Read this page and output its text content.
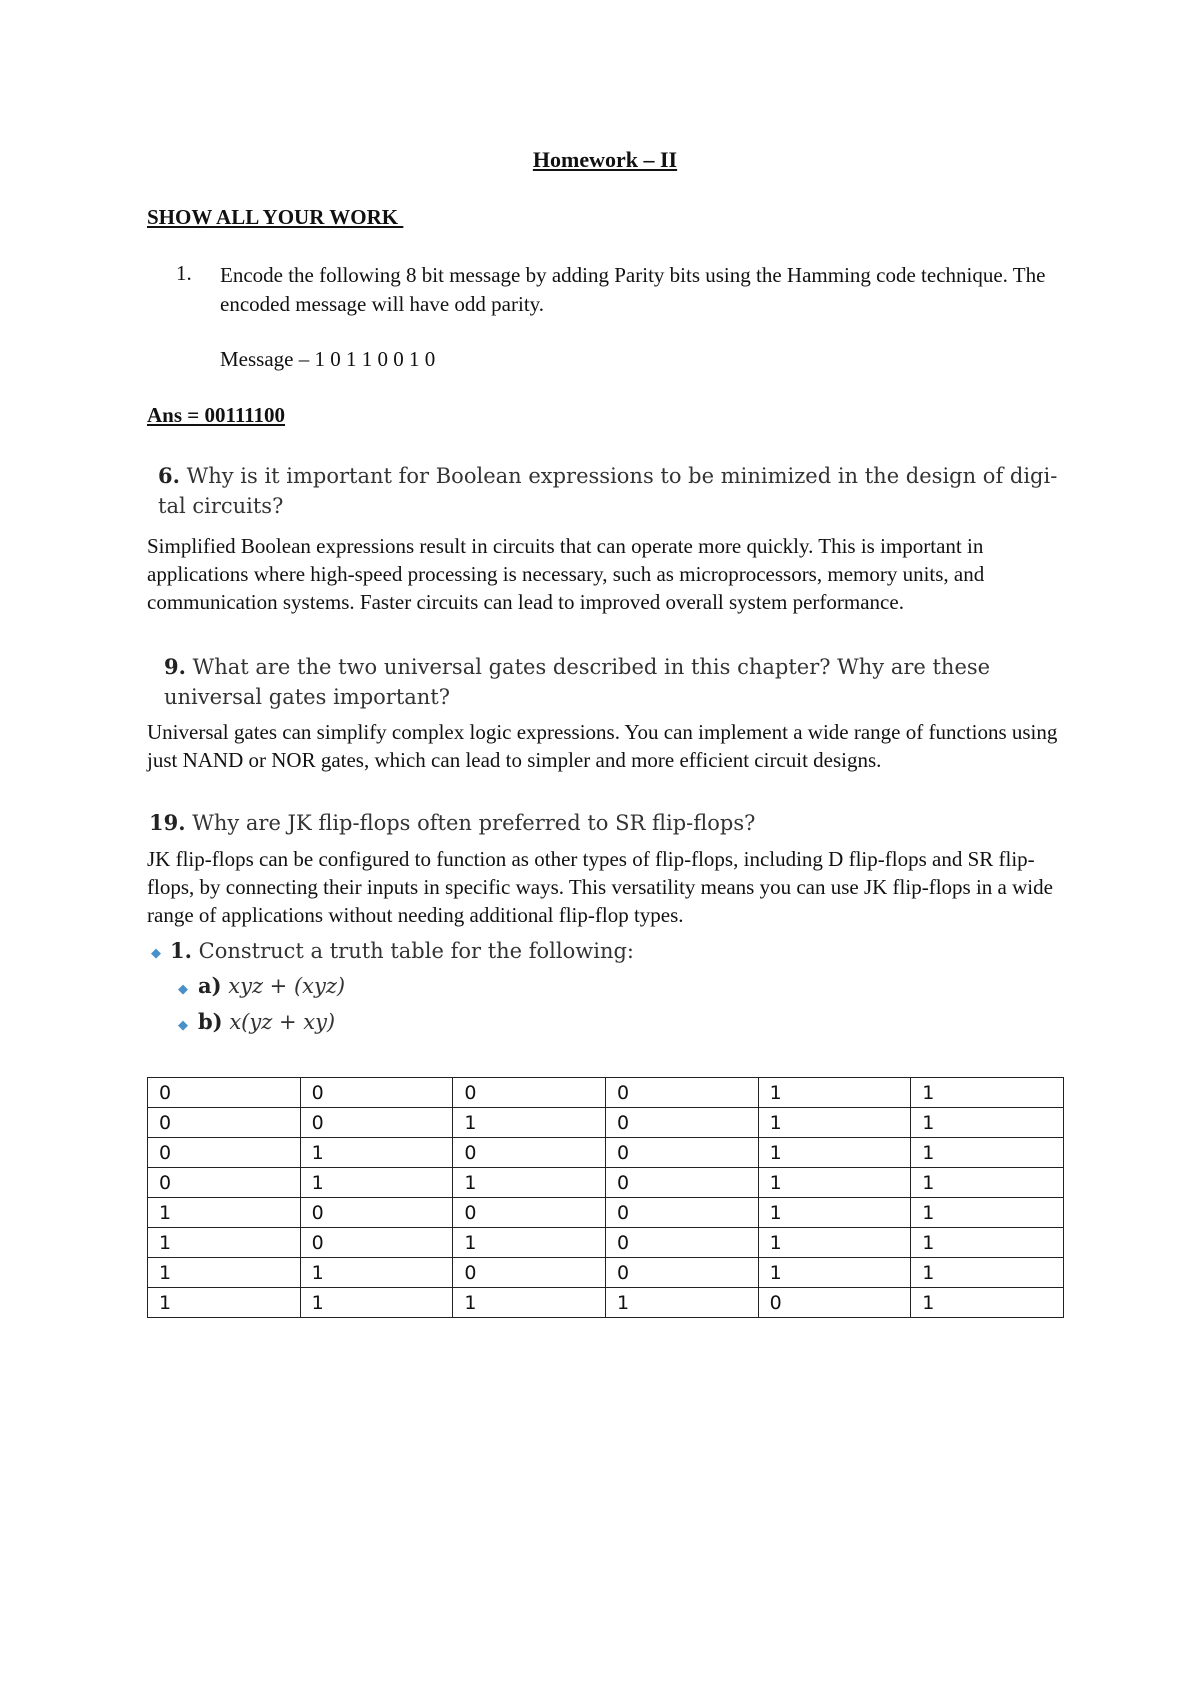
Homework – II
SHOW ALL YOUR WORK
1. Encode the following 8 bit message by adding Parity bits using the Hamming code technique. The encoded message will have odd parity.
Message – 1 0 1 1 0 0 1 0
Ans = 00111100
6. Why is it important for Boolean expressions to be minimized in the design of digi-tal circuits?
Simplified Boolean expressions result in circuits that can operate more quickly. This is important in applications where high-speed processing is necessary, such as microprocessors, memory units, and communication systems. Faster circuits can lead to improved overall system performance.
9. What are the two universal gates described in this chapter? Why are these universal gates important?
Universal gates can simplify complex logic expressions. You can implement a wide range of functions using just NAND or NOR gates, which can lead to simpler and more efficient circuit designs.
19. Why are JK flip-flops often preferred to SR flip-flops?
JK flip-flops can be configured to function as other types of flip-flops, including D flip-flops and SR flip-flops, by connecting their inputs in specific ways. This versatility means you can use JK flip-flops in a wide range of applications without needing additional flip-flop types.
◆ 1. Construct a truth table for the following:
◆ a) xyz + (xyz)
◆ b) x(yz + xy)
0	0	0	0	1	1
0	0	1	0	1	1
0	1	0	0	1	1
0	1	1	0	1	1
1	0	0	0	1	1
1	0	1	0	1	1
1	1	0	0	1	1
1	1	1	1	0	1
